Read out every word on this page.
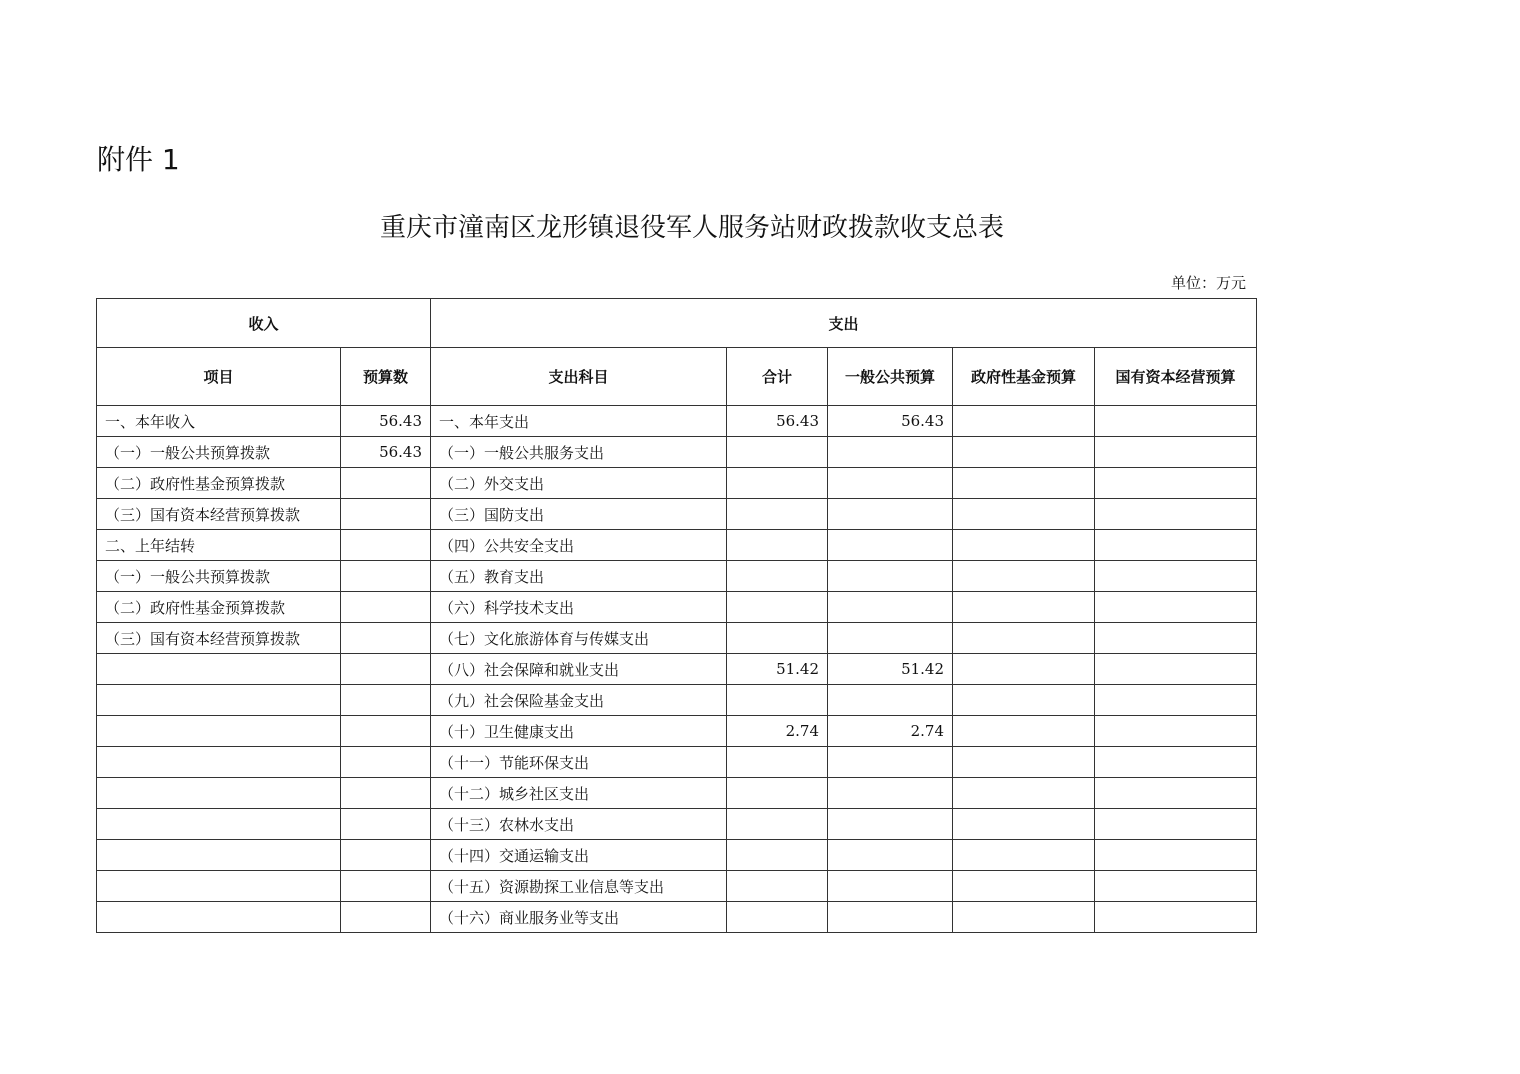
附件 1
重庆市潼南区龙形镇退役军人服务站财政拨款收支总表
单位：万元
收入		支出				
项目	预算数	支出科目	合计	一般公共预算	政府性基金预算	国有资本经营预算
一、本年收入	56.43	一、本年支出	56.43	56.43		
（一）一般公共预算拨款	56.43	（一）一般公共服务支出				
（二）政府性基金预算拨款		（二）外交支出				
（三）国有资本经营预算拨款		（三）国防支出				
二、上年结转		（四）公共安全支出				
（一）一般公共预算拨款		（五）教育支出				
（二）政府性基金预算拨款		（六）科学技术支出				
（三）国有资本经营预算拨款		（七）文化旅游体育与传媒支出				
		（八）社会保障和就业支出	51.42	51.42		
		（九）社会保险基金支出				
		（十）卫生健康支出	2.74	2.74		
		（十一）节能环保支出				
		（十二）城乡社区支出				
		（十三）农林水支出				
		（十四）交通运输支出				
		（十五）资源勘探工业信息等支出				
		（十六）商业服务业等支出				
